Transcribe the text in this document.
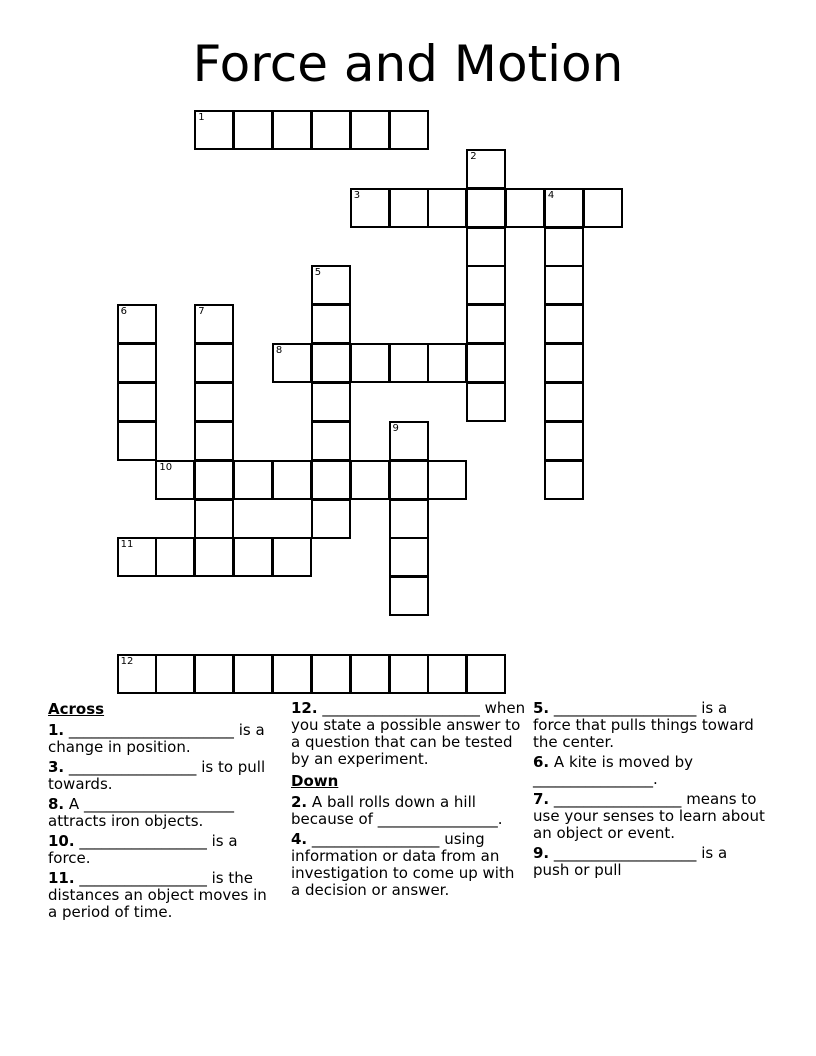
Force and Motion
1
2
3	4
5
6	7
8
9
10
11
12
Across
1. ______________________ is a change in position.
3. _________________ is to pull towards.
8. A ____________________ attracts iron objects.
10. _________________ is a force.
11. _________________ is the distances an object moves in a period of time.
12. _____________________ when you state a possible answer to a question that can be tested by an experiment.
Down
2. A ball rolls down a hill because of ________________.
4. _________________ using information or data from an investigation to come up with a decision or answer.
5. ___________________ is a force that pulls things toward the center.
6. A kite is moved by ________________.
7. _________________ means to use your senses to learn about an object or event.
9. ___________________ is a push or pull
